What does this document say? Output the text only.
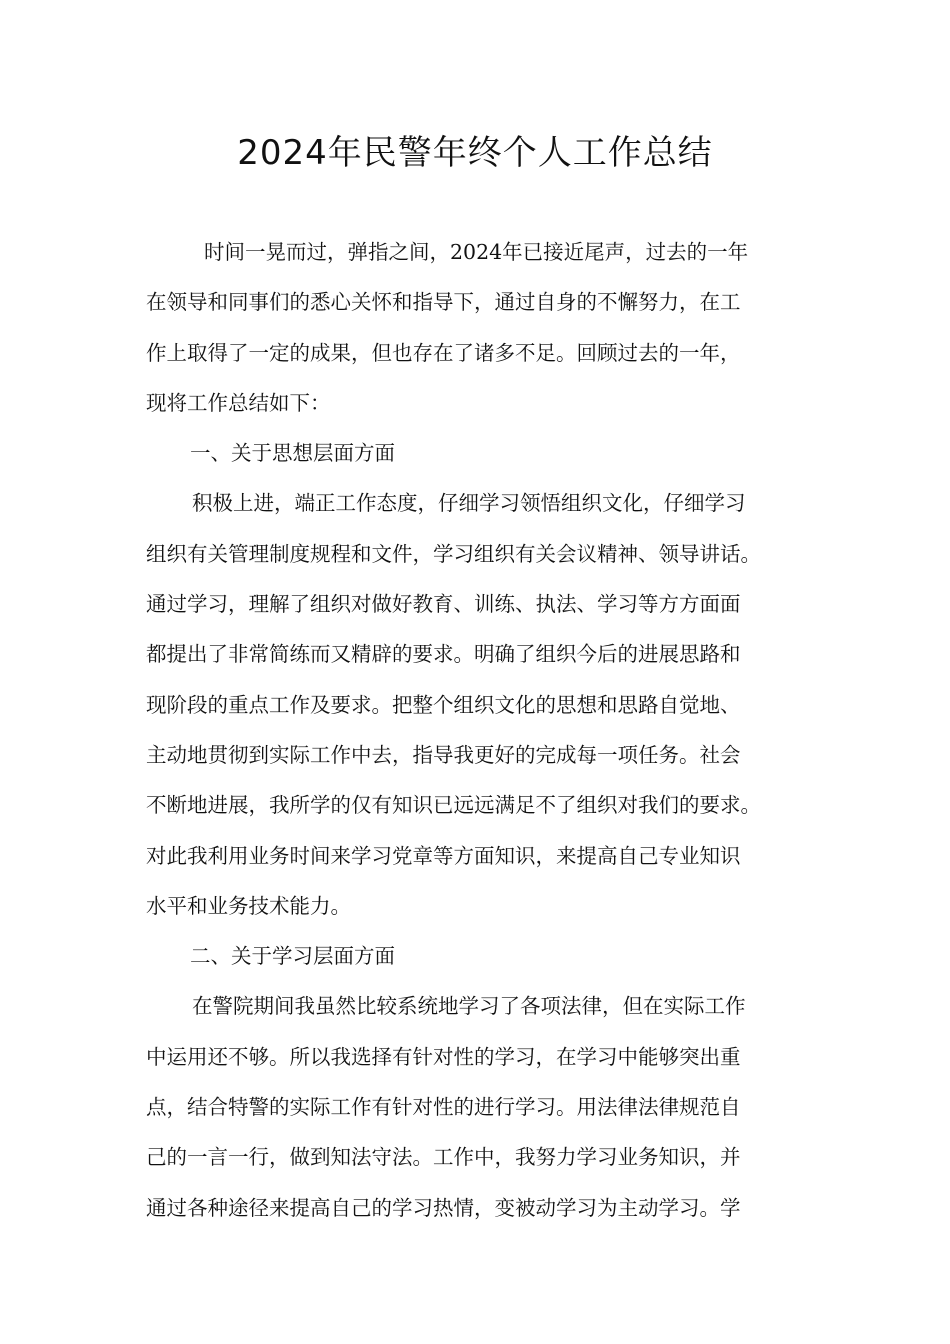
2024年民警年终个人工作总结
时间一晃而过，弹指之间，2024年已接近尾声，过去的一年
在领导和同事们的悉心关怀和指导下，通过自身的不懈努力，在工
作上取得了一定的成果，但也存在了诸多不足。回顾过去的一年，
现将工作总结如下：
一、关于思想层面方面
积极上进，端正工作态度，仔细学习领悟组织文化，仔细学习
组织有关管理制度规程和文件，学习组织有关会议精神、领导讲话。
通过学习，理解了组织对做好教育、训练、执法、学习等方方面面
都提出了非常简练而又精辟的要求。明确了组织今后的进展思路和
现阶段的重点工作及要求。把整个组织文化的思想和思路自觉地、
主动地贯彻到实际工作中去，指导我更好的完成每一项任务。社会
不断地进展，我所学的仅有知识已远远满足不了组织对我们的要求。
对此我利用业务时间来学习党章等方面知识，来提高自己专业知识
水平和业务技术能力。
二、关于学习层面方面
在警院期间我虽然比较系统地学习了各项法律，但在实际工作
中运用还不够。所以我选择有针对性的学习，在学习中能够突出重
点，结合特警的实际工作有针对性的进行学习。用法律法律规范自
己的一言一行，做到知法守法。工作中，我努力学习业务知识，并
通过各种途径来提高自己的学习热情，变被动学习为主动学习。学
